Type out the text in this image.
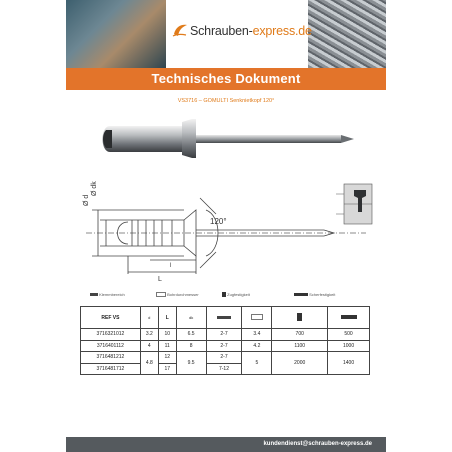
Schrauben-express.de
Technisches Dokument
VS3716 – GOMULTI Senknietkopf 120°
Ø d
Ø dk
120°
l
L
Klemmbereich	Bohrdurchmesser	Zugfestigkeit	Scherfestigkeit
REF VS	d	L	dk				
3716321012	3.2	10	6.5	2-7	3.4	700	500
3716401112	4	11	8	2-7	4.2	1100	1000
3716481212	4.8	12	9.5	2-7	5	2000	1400
3716481712		17		7-12			
kundendienst@schrauben-express.de
